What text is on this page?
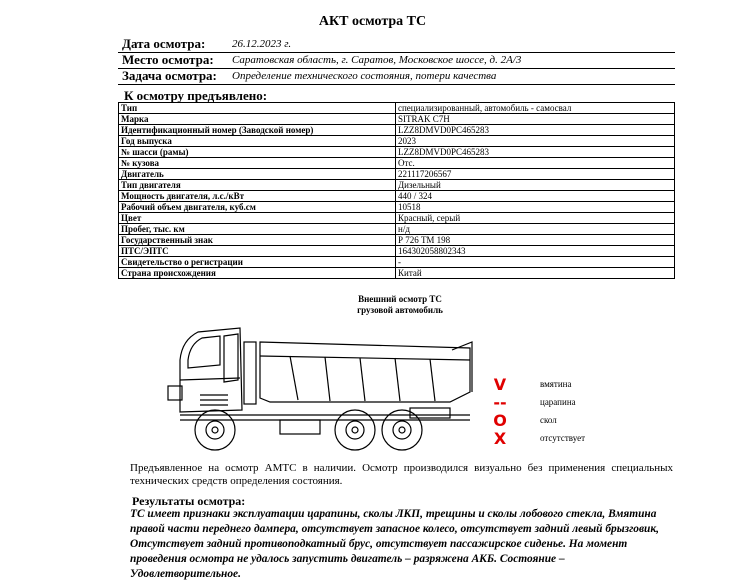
АКТ осмотра ТС
Дата осмотра: 26.12.2023 г.
Место осмотра: Саратовская область, г. Саратов, Московское шоссе, д. 2А/3
Задача осмотра: Определение технического состояния, потери качества
К осмотру предъявлено:
Тип	специализированный, автомобиль - самосвал
Марка	SITRAK C7H
Идентификационный номер (Заводской номер)	LZZ8DMVD0PC465283
Год выпуска	2023
№ шасси (рамы)	LZZ8DMVD0PC465283
№ кузова	Отс.
Двигатель	221117206567
Тип двигателя	Дизельный
Мощность двигателя, л.с./кВт	440 / 324
Рабочий объем двигателя, куб.см	10518
Цвет	Красный, серый
Пробег, тыс. км	н/д
Государственный знак	Р 726 ТМ 198
ПТС/ЭПТС	164302058802343
Свидетельство о регистрации	-
Страна происхождения	Китай
Внешний осмотр ТС
грузовой автомобиль
V	вмятина
--	царапина
O	скол
X	отсутствует
Предъявленное на осмотр АМТС в наличии. Осмотр производился визуально без применения специальных технических средств определения состояния.
Результаты осмотра:
ТС имеет признаки эксплуатации царапины, сколы ЛКП, трещины и сколы лобового стекла, Вмятина правой части переднего дампера, отсутствует запасное колесо, отсутствует задний левый брызговик, Отсутствует задний противоподкатный брус, отсутствует пассажирское сиденье. На момент проведения осмотра не удалось запустить двигатель – разряжена АКБ. Состояние – Удовлетворительное.
